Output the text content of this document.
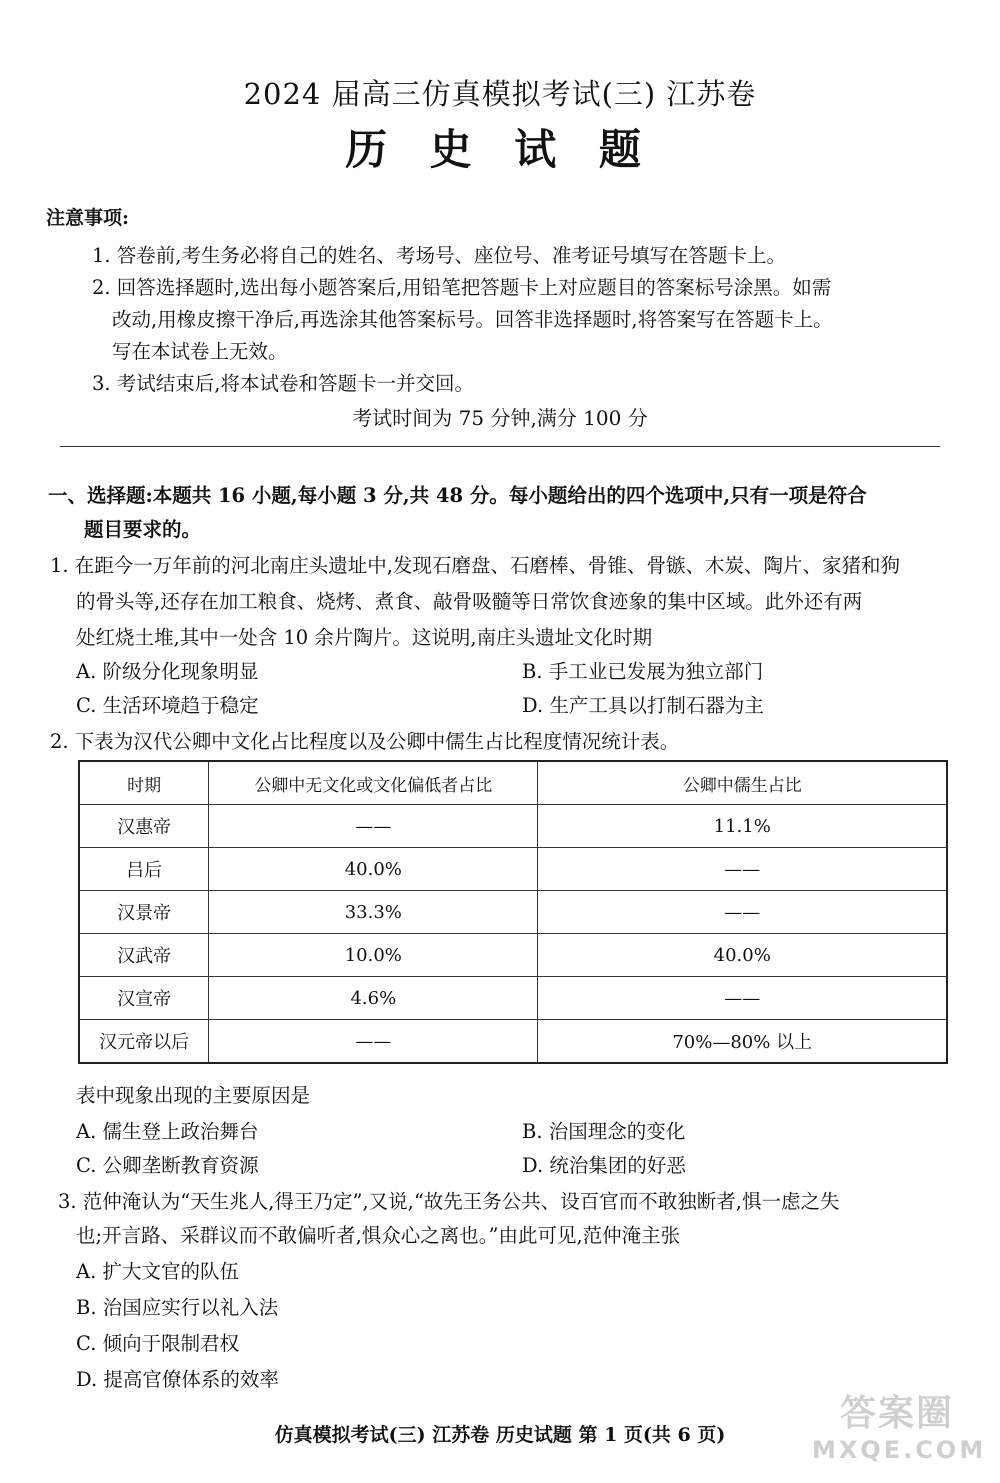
2024 届高三仿真模拟考试(三) 江苏卷
历 史 试 题
注意事项:
1. 答卷前,考生务必将自己的姓名、考场号、座位号、准考证号填写在答题卡上。
2. 回答选择题时,选出每小题答案后,用铅笔把答题卡上对应题目的答案标号涂黑。如需
改动,用橡皮擦干净后,再选涂其他答案标号。回答非选择题时,将答案写在答题卡上。
写在本试卷上无效。
3. 考试结束后,将本试卷和答题卡一并交回。
考试时间为 75 分钟,满分 100 分
一、选择题:本题共 16 小题,每小题 3 分,共 48 分。每小题给出的四个选项中,只有一项是符合
题目要求的。
1. 在距今一万年前的河北南庄头遗址中,发现石磨盘、石磨棒、骨锥、骨镞、木炭、陶片、家猪和狗
的骨头等,还存在加工粮食、烧烤、煮食、敲骨吸髓等日常饮食迹象的集中区域。此外还有两
处红烧土堆,其中一处含 10 余片陶片。这说明,南庄头遗址文化时期
A. 阶级分化现象明显	B. 手工业已发展为独立部门
C. 生活环境趋于稳定	D. 生产工具以打制石器为主
2. 下表为汉代公卿中文化占比程度以及公卿中儒生占比程度情况统计表。
时期	公卿中无文化或文化偏低者占比	公卿中儒生占比
汉惠帝	——	11.1%
吕后	40.0%	——
汉景帝	33.3%	——
汉武帝	10.0%	40.0%
汉宣帝	4.6%	——
汉元帝以后	——	70%—80% 以上
表中现象出现的主要原因是
A. 儒生登上政治舞台	B. 治国理念的变化
C. 公卿垄断教育资源	D. 统治集团的好恶
3. 范仲淹认为“天生兆人,得王乃定”,又说,“故先王务公共、设百官而不敢独断者,惧一虑之失
也;开言路、采群议而不敢偏听者,惧众心之离也。”由此可见,范仲淹主张
A. 扩大文官的队伍
B. 治国应实行以礼入法
C. 倾向于限制君权
D. 提高官僚体系的效率
仿真模拟考试(三) 江苏卷 历史试题 第 1 页(共 6 页)
答案圈
MXQE.COM
